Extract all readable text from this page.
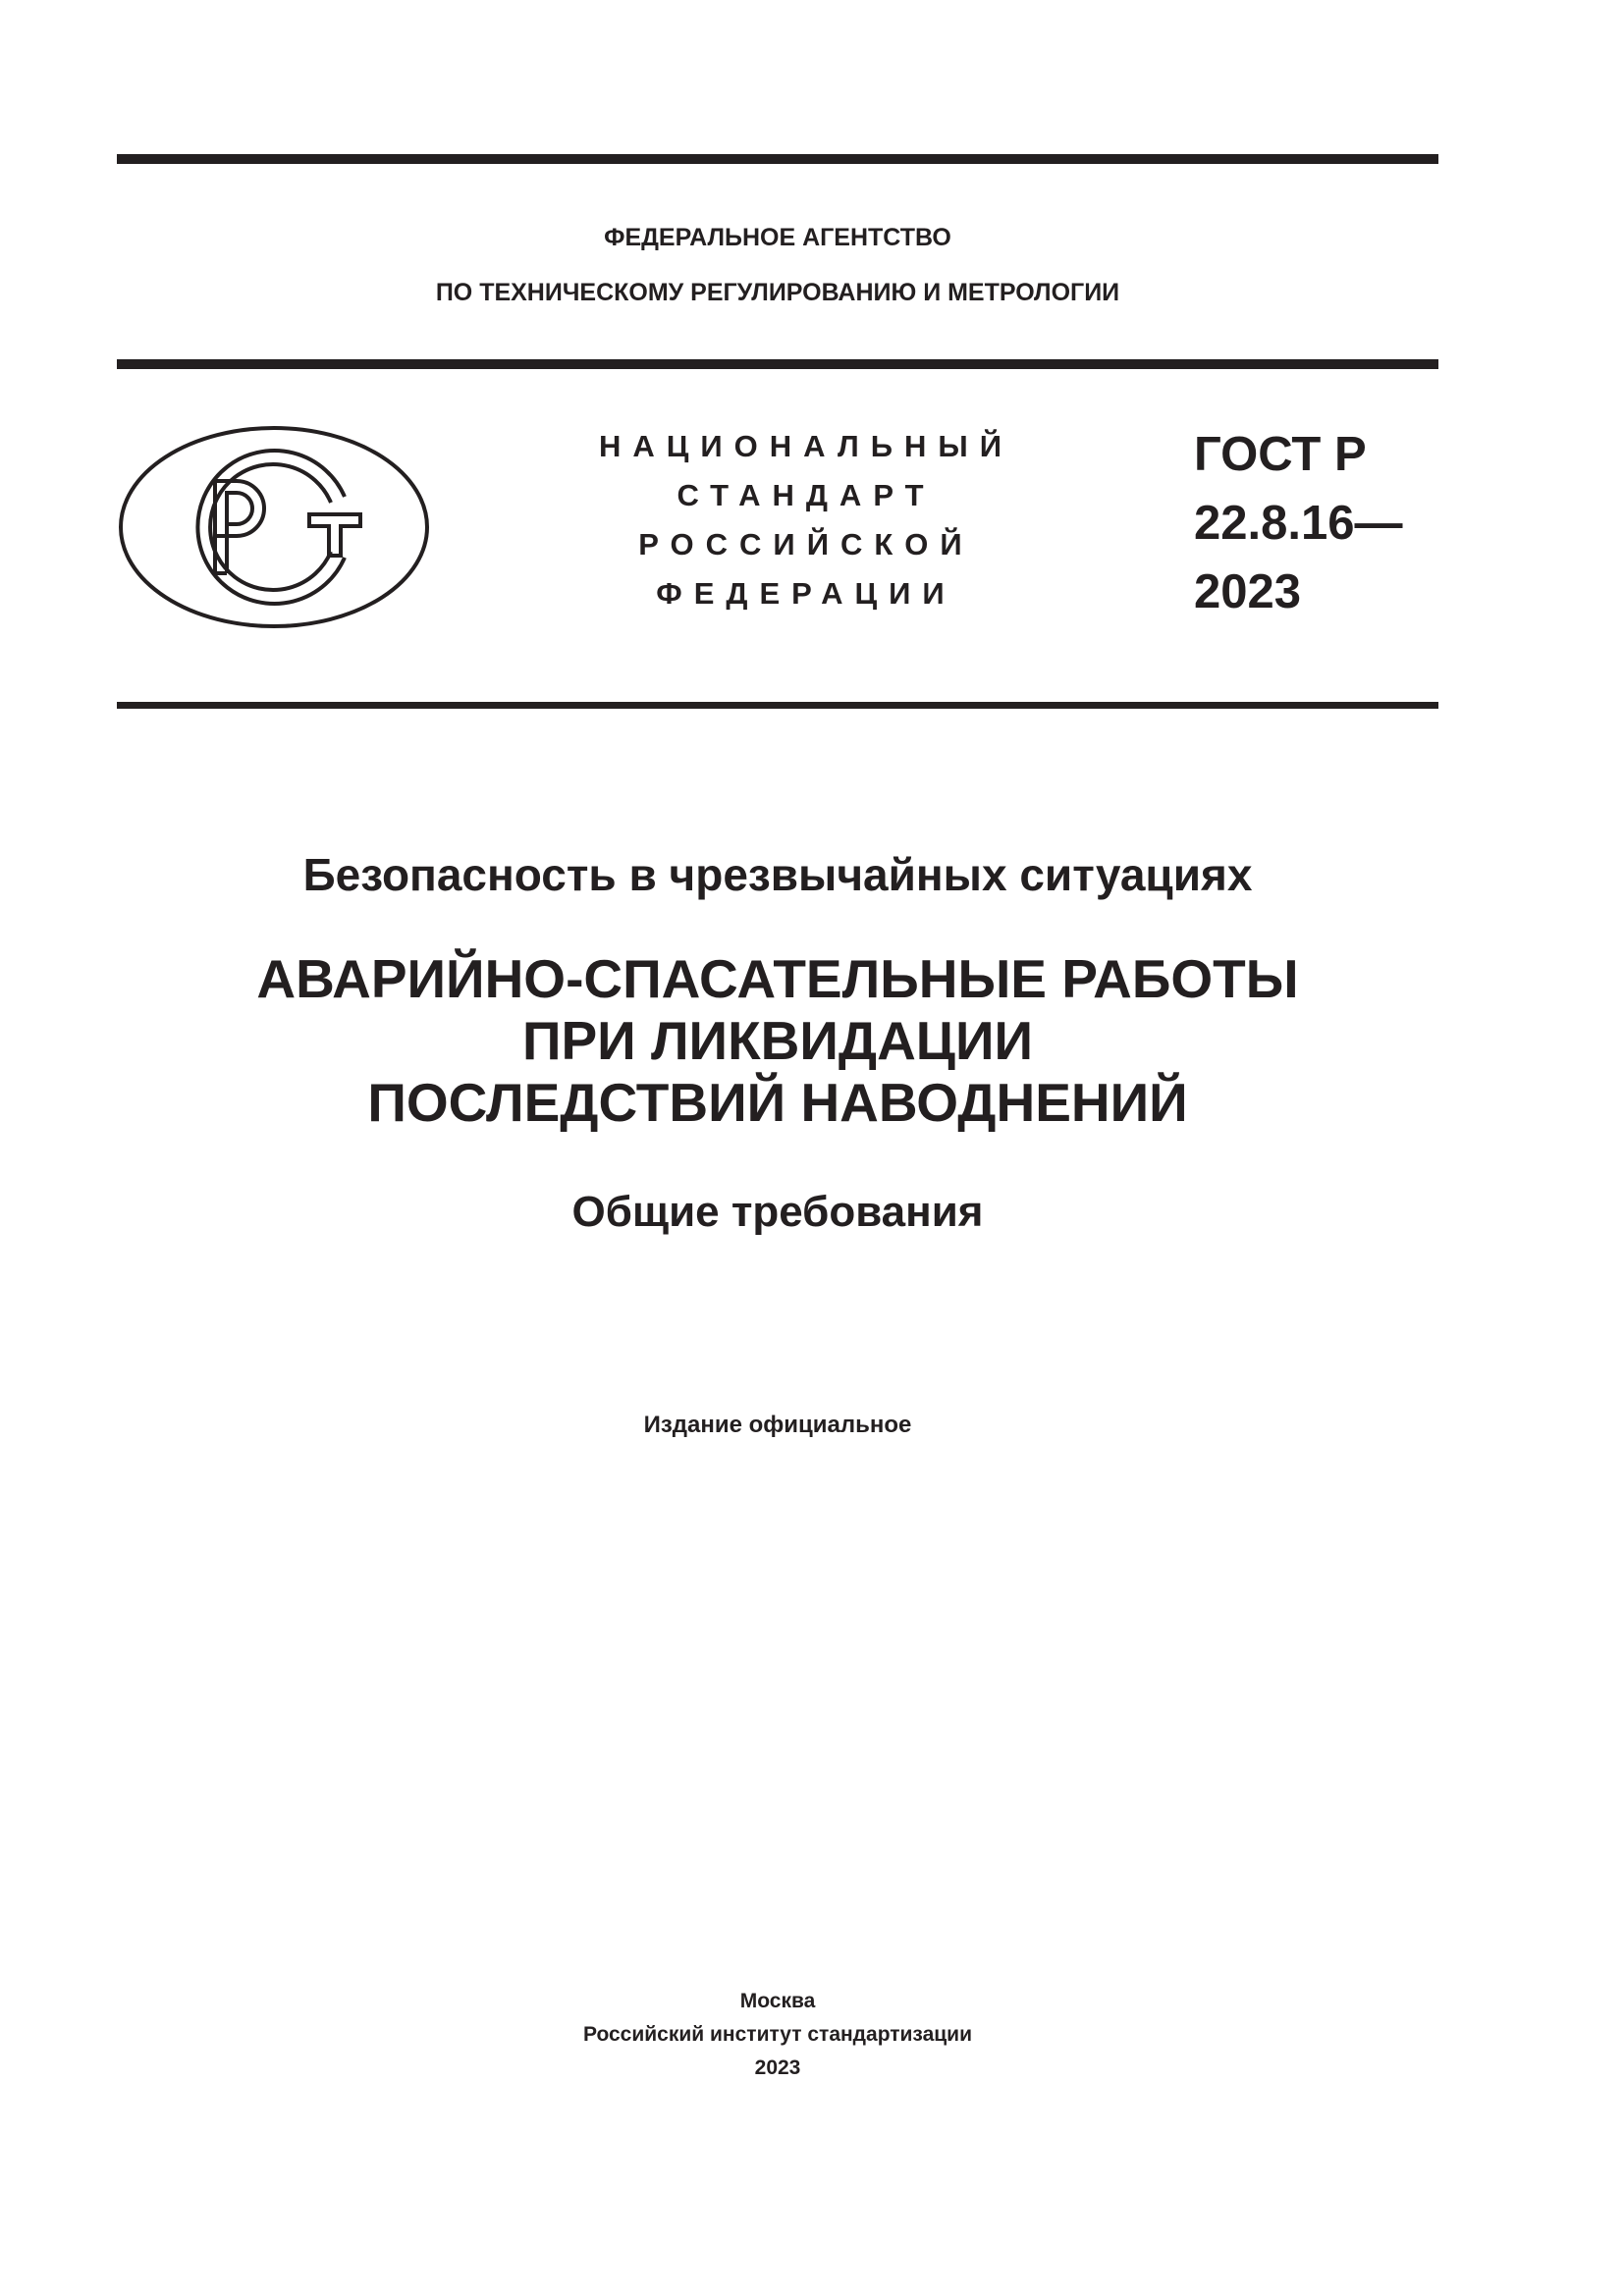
ФЕДЕРАЛЬНОЕ АГЕНТСТВО
ПО ТЕХНИЧЕСКОМУ РЕГУЛИРОВАНИЮ И МЕТРОЛОГИИ
НАЦИОНАЛЬНЫЙ
СТАНДАРТ
РОССИЙСКОЙ
ФЕДЕРАЦИИ
ГОСТ Р
22.8.16—
2023
Безопасность в чрезвычайных ситуациях
АВАРИЙНО-СПАСАТЕЛЬНЫЕ РАБОТЫ
ПРИ ЛИКВИДАЦИИ
ПОСЛЕДСТВИЙ НАВОДНЕНИЙ
Общие требования
Издание официальное
Москва
Российский институт стандартизации
2023
